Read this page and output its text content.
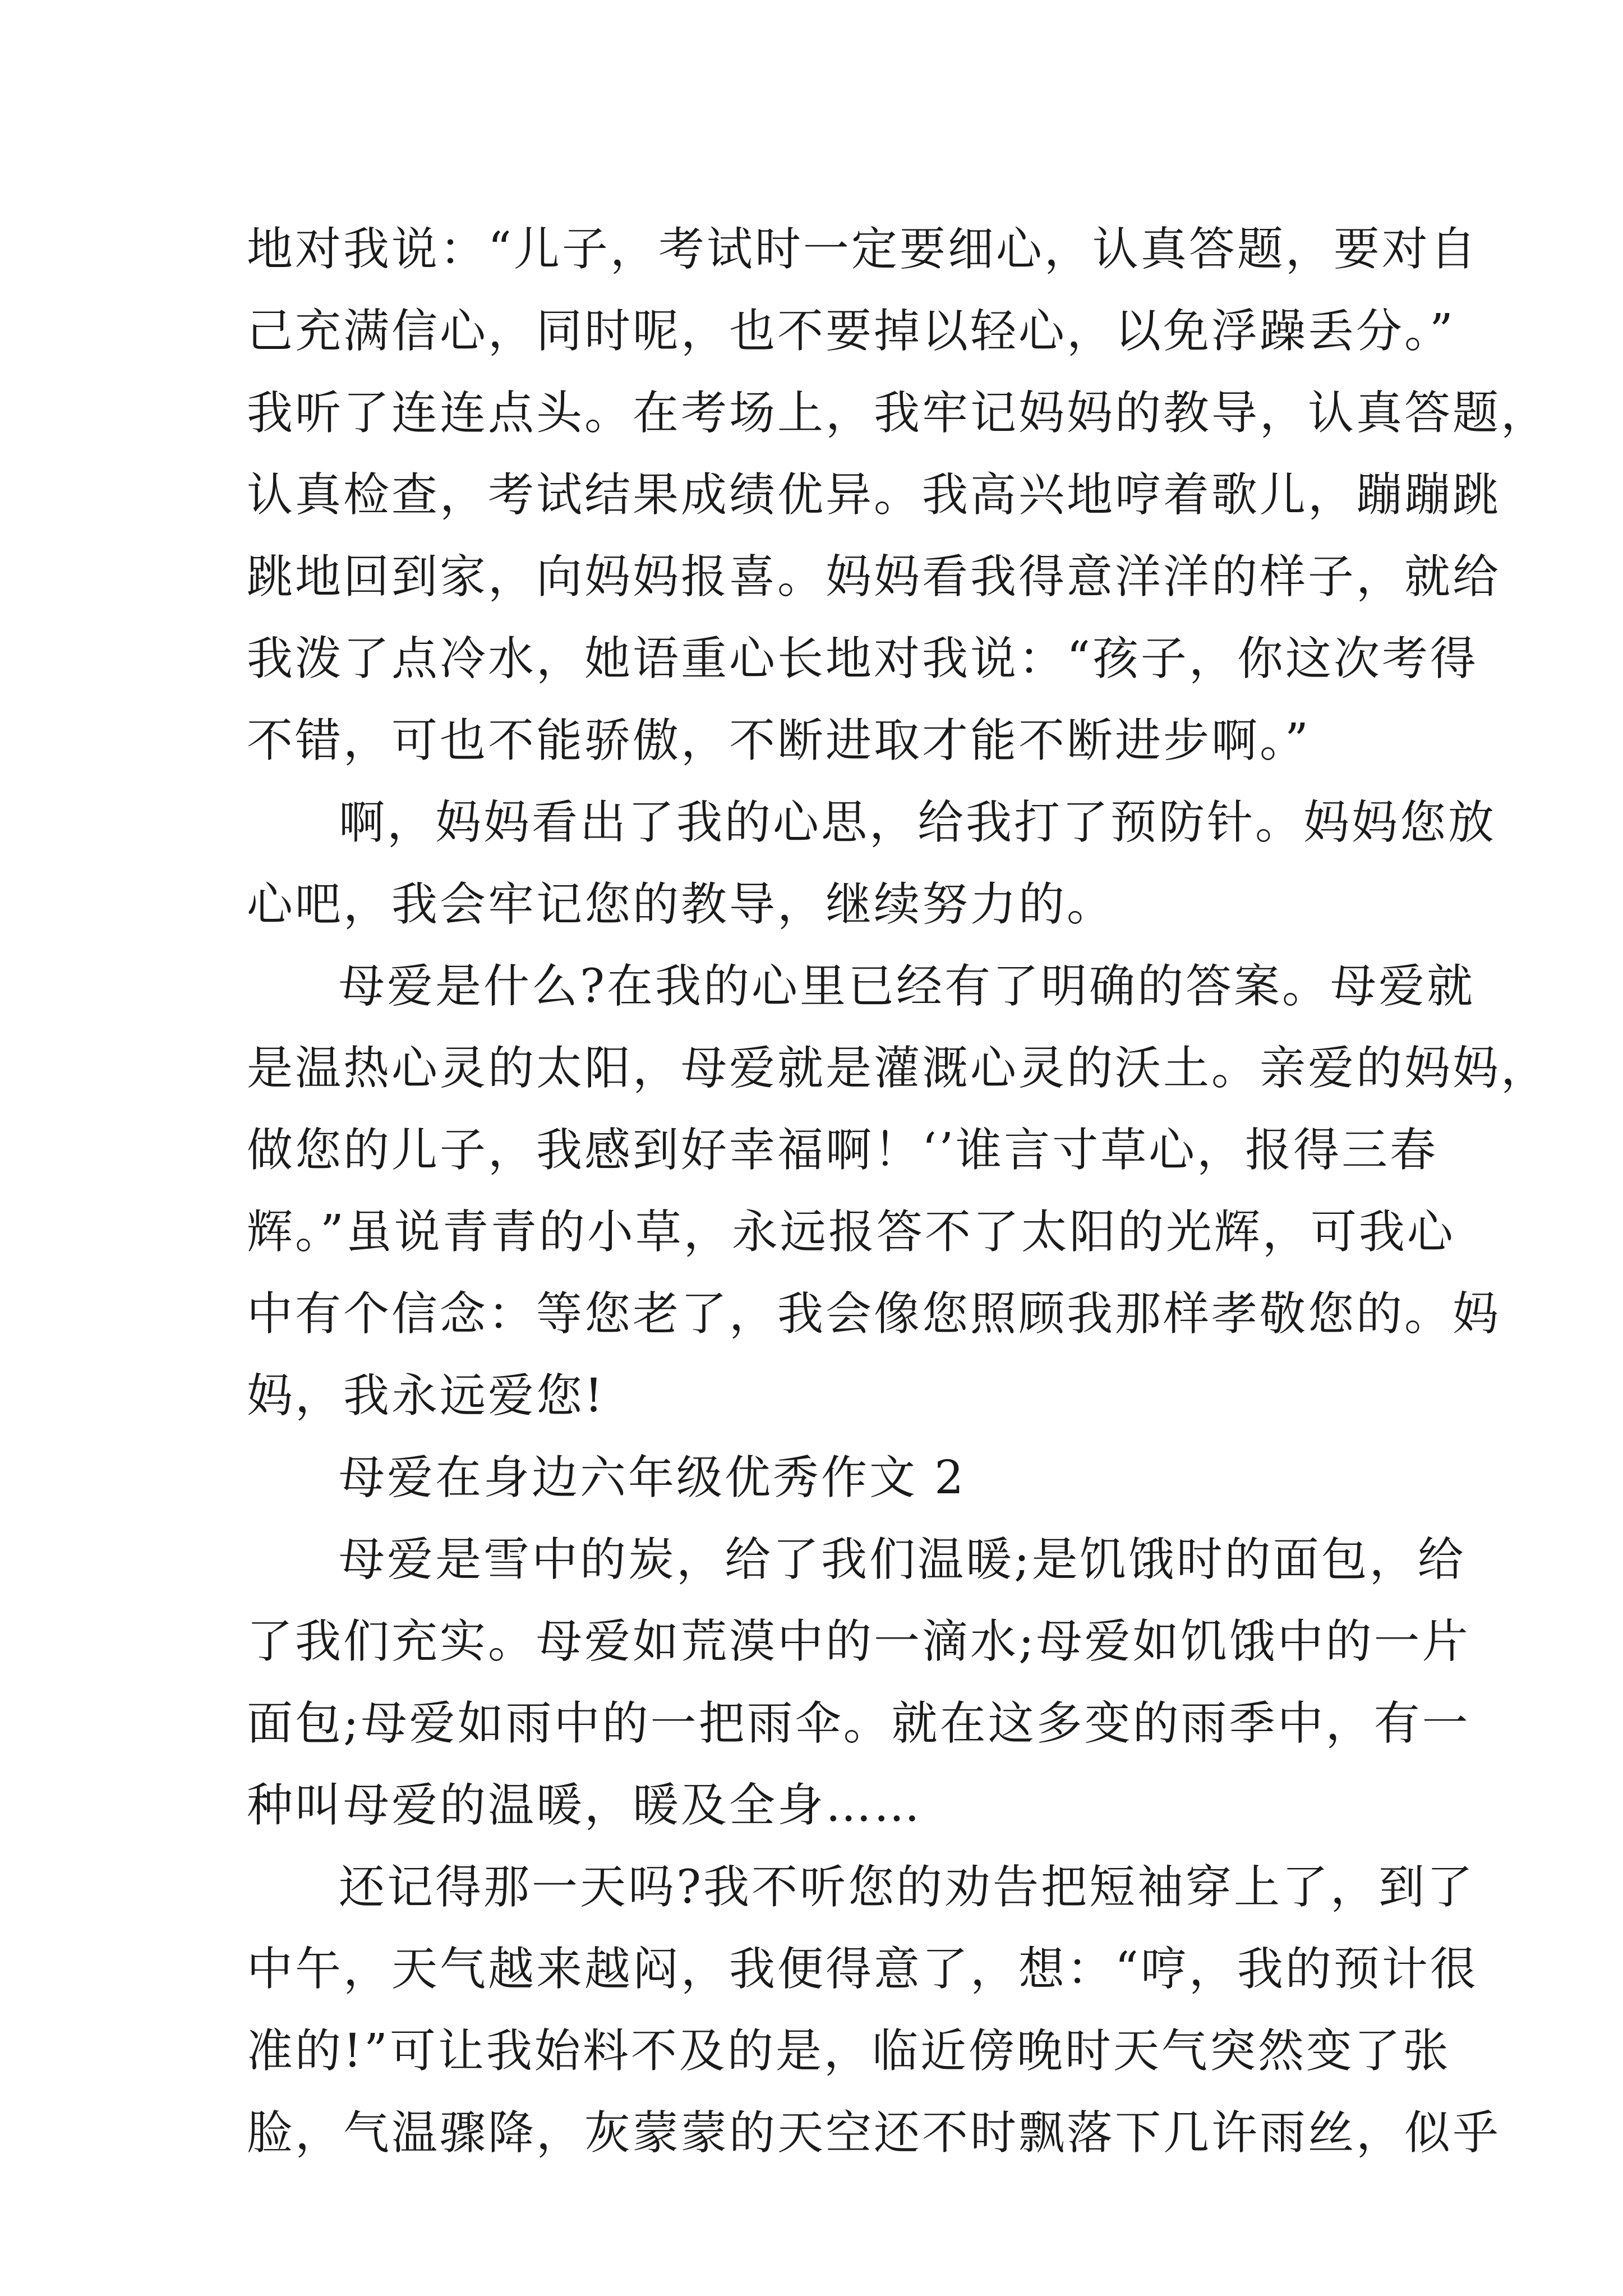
地对我说：“儿子，考试时一定要细心，认真答题，要对自
己充满信心，同时呢，也不要掉以轻心，以免浮躁丢分。”
我听了连连点头。在考场上，我牢记妈妈的教导，认真答题，
认真检查，考试结果成绩优异。我高兴地哼着歌儿，蹦蹦跳
跳地回到家，向妈妈报喜。妈妈看我得意洋洋的样子，就给
我泼了点冷水，她语重心长地对我说：“孩子，你这次考得
不错，可也不能骄傲，不断进取才能不断进步啊。”
啊，妈妈看出了我的心思，给我打了预防针。妈妈您放
心吧，我会牢记您的教导，继续努力的。
母爱是什么?在我的心里已经有了明确的答案。母爱就
是温热心灵的太阳，母爱就是灌溉心灵的沃土。亲爱的妈妈，
做您的儿子，我感到好幸福啊！‘’谁言寸草心，报得三春
辉。”虽说青青的小草，永远报答不了太阳的光辉，可我心
中有个信念：等您老了，我会像您照顾我那样孝敬您的。妈
妈，我永远爱您!
母爱在身边六年级优秀作文 2
母爱是雪中的炭，给了我们温暖;是饥饿时的面包，给
了我们充实。母爱如荒漠中的一滴水;母爱如饥饿中的一片
面包;母爱如雨中的一把雨伞。就在这多变的雨季中，有一
种叫母爱的温暖，暖及全身……
还记得那一天吗?我不听您的劝告把短袖穿上了，到了
中午，天气越来越闷，我便得意了，想：“哼，我的预计很
准的!”可让我始料不及的是，临近傍晚时天气突然变了张
脸，气温骤降，灰蒙蒙的天空还不时飘落下几许雨丝，似乎
